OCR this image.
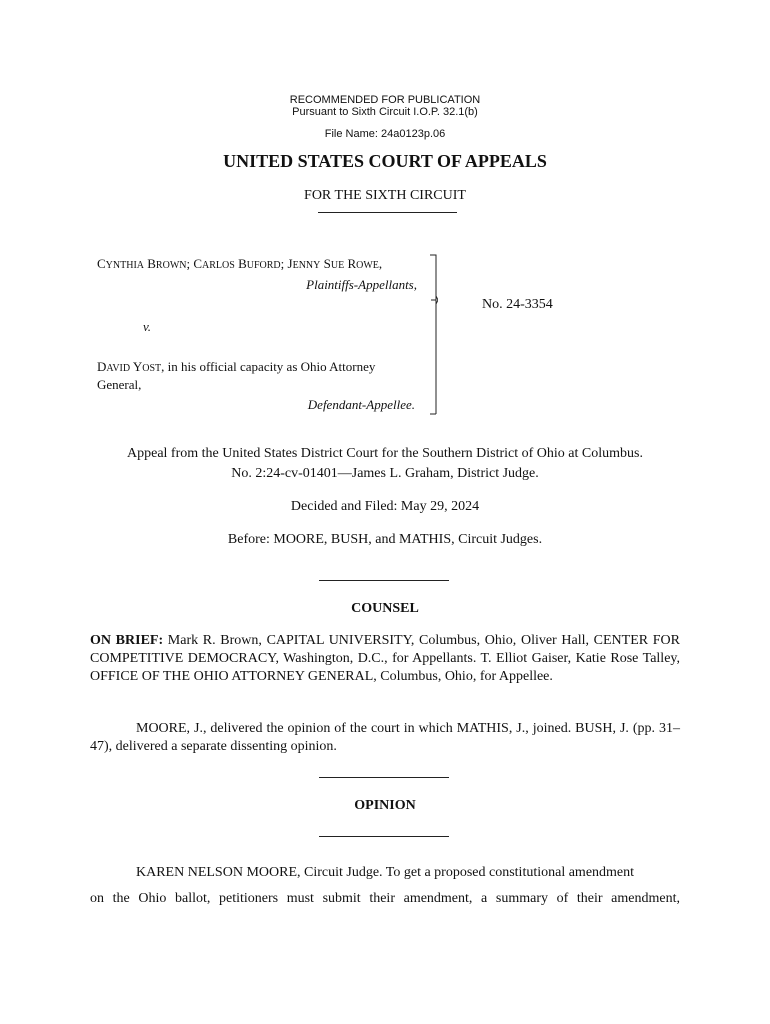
RECOMMENDED FOR PUBLICATION
Pursuant to Sixth Circuit I.O.P. 32.1(b)
File Name: 24a0123p.06
UNITED STATES COURT OF APPEALS
FOR THE SIXTH CIRCUIT
CYNTHIA BROWN; CARLOS BUFORD; JENNY SUE ROWE,
Plaintiffs-Appellants,
v.
DAVID YOST, in his official capacity as Ohio Attorney
General,
Defendant-Appellee.
No. 24-3354
Appeal from the United States District Court for the Southern District of Ohio at Columbus.
No. 2:24-cv-01401—James L. Graham, District Judge.
Decided and Filed: May 29, 2024
Before: MOORE, BUSH, and MATHIS, Circuit Judges.
COUNSEL
ON BRIEF: Mark R. Brown, CAPITAL UNIVERSITY, Columbus, Ohio, Oliver Hall, CENTER FOR COMPETITIVE DEMOCRACY, Washington, D.C., for Appellants. T. Elliot Gaiser, Katie Rose Talley, OFFICE OF THE OHIO ATTORNEY GENERAL, Columbus, Ohio, for Appellee.
MOORE, J., delivered the opinion of the court in which MATHIS, J., joined. BUSH, J. (pp. 31–47), delivered a separate dissenting opinion.
OPINION
KAREN NELSON MOORE, Circuit Judge. To get a proposed constitutional amendment
on the Ohio ballot, petitioners must submit their amendment, a summary of their amendment,
